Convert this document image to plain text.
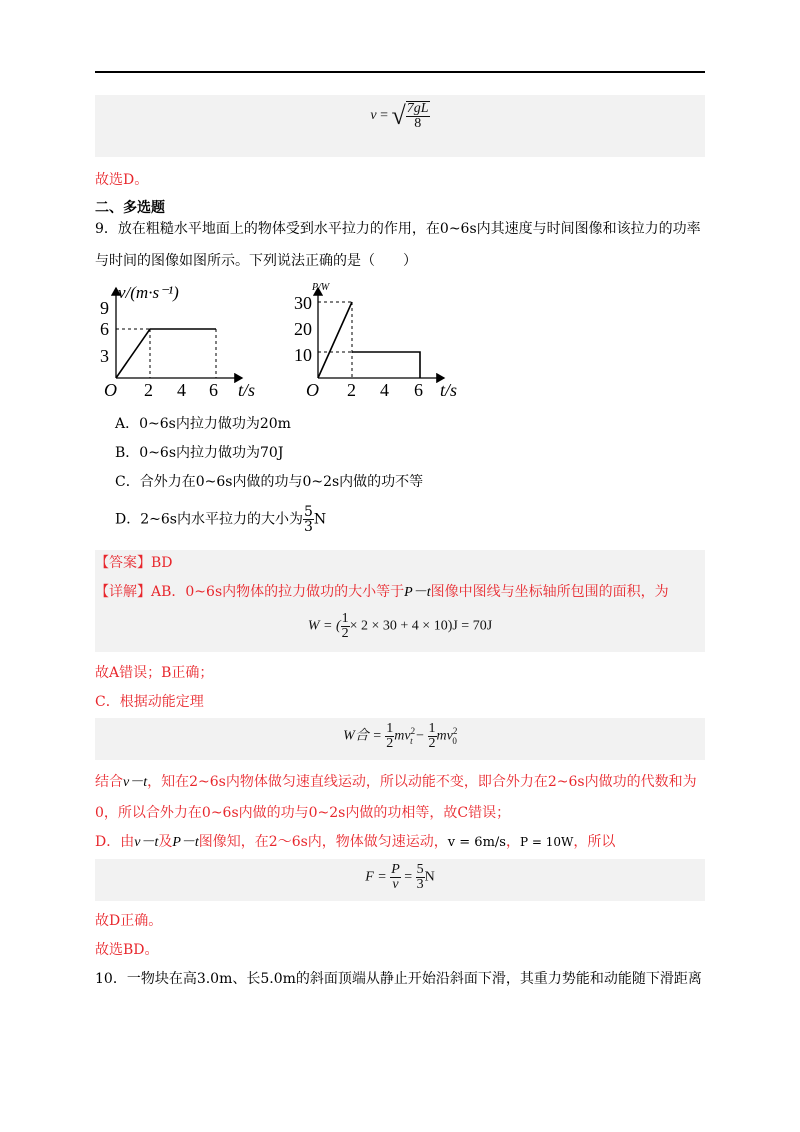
v = √ $\frac{7gL}{8}$
故选D。
二、多选题
9．放在粗糙水平地面上的物体受到水平拉力的作用，在0~6s内其速度与时间图像和该拉力的功率
与时间的图像如图所示。下列说法正确的是（　　）
v/(m·s⁻¹)
O
9
6
3
2 4 6 t/s
P/W
O
30
20
10
2 4 6 t/s
A．0~6s内拉力做功为20m
B．0~6s内拉力做功为70J
C．合外力在0~6s内做的功与0~2s内做的功不等
D．2~6s内水平拉力的大小为 $\frac{5}{3}$ N
【答案】BD
【详解】AB．0~6s内物体的拉力做功的大小等于P－t图像中图线与坐标轴所包围的面积，为
W = ( $\frac{1}{2} \times 2 \times 30 + 4 \times 10)J = 70J$
故A错误；B正确；
C．根据动能定理
W合 = $\frac{1}{2} mv^2_t - \frac{1}{2} mv^2_0$
结合v－t，知在2~6s内物体做匀速直线运动，所以动能不变，即合外力在2~6s内做功的代数和为
0，所以合外力在0~6s内做的功与0~2s内做的功相等，故C错误；
D．由v－t及P－t图像知，在2～6s内，物体做匀速运动，v = 6m/s，P = 10W，所以
$F = \frac{P}{v} = \frac{5}{3}$ N
故D正确。
故选BD。
10．一物块在高3.0m、长5.0m的斜面顶端从静止开始沿斜面下滑，其重力势能和动能随下滑距离
